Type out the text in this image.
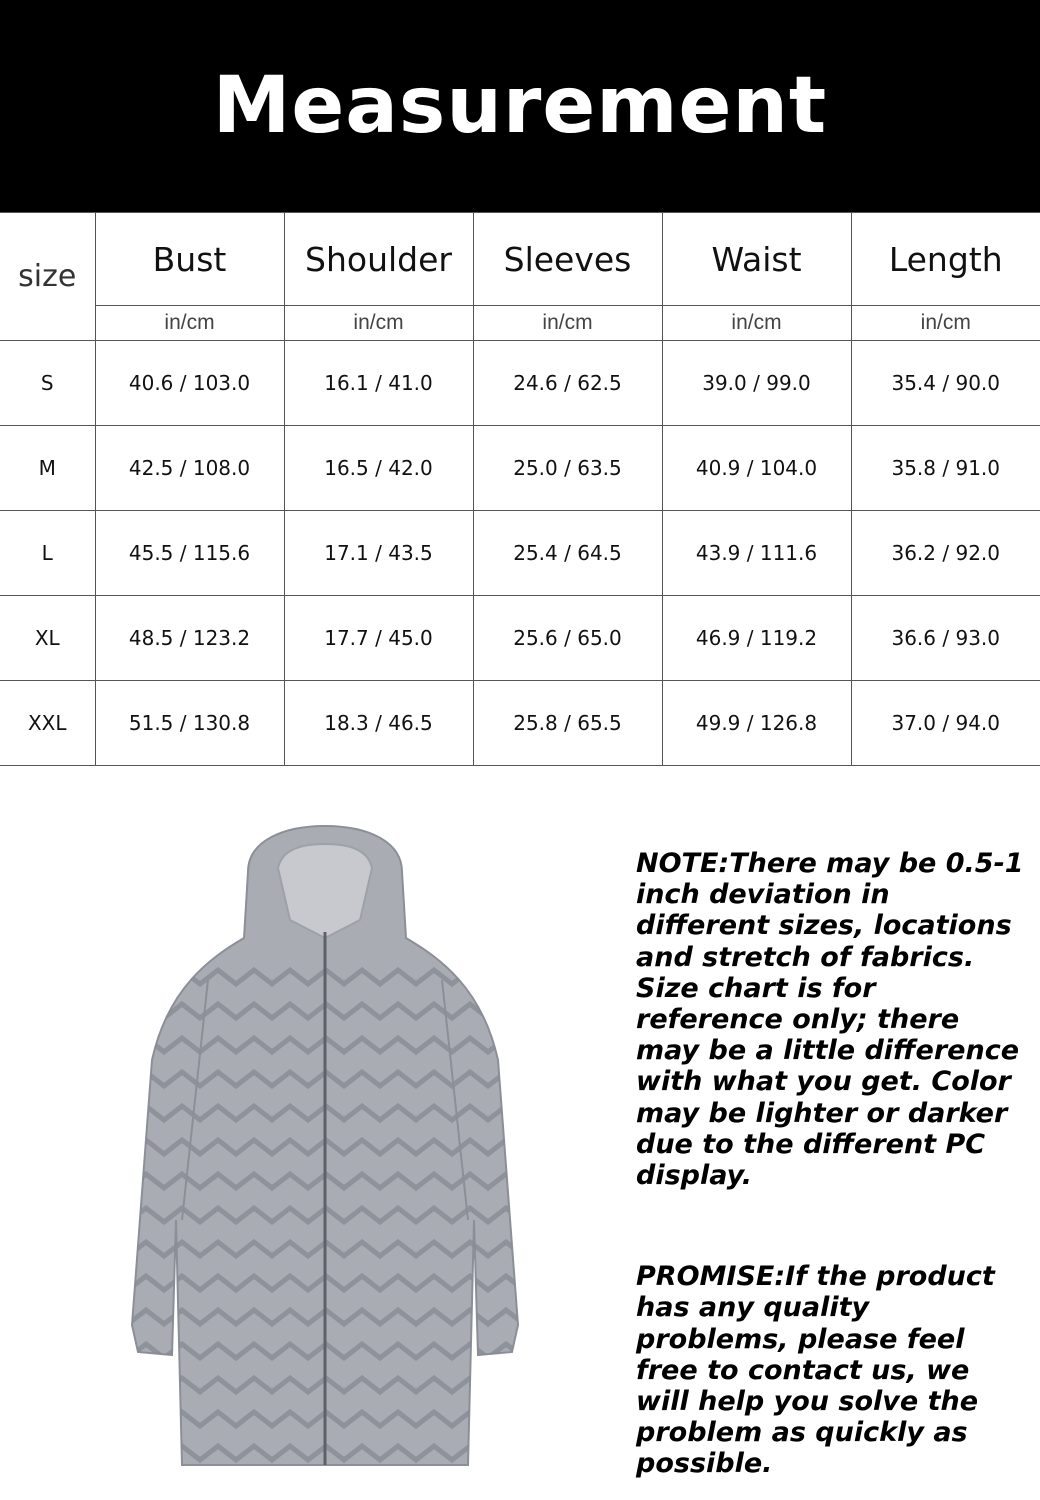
Measurement
size	Bust	Shoulder	Sleeves	Waist	Length
	in/cm	in/cm	in/cm	in/cm	in/cm
S	40.6 / 103.0	16.1 / 41.0	24.6 / 62.5	39.0 / 99.0	35.4 / 90.0
M	42.5 / 108.0	16.5 / 42.0	25.0 / 63.5	40.9 / 104.0	35.8 / 91.0
L	45.5 / 115.6	17.1 / 43.5	25.4 / 64.5	43.9 / 111.6	36.2 / 92.0
XL	48.5 / 123.2	17.7 / 45.0	25.6 / 65.0	46.9 / 119.2	36.6 / 93.0
XXL	51.5 / 130.8	18.3 / 46.5	25.8 / 65.5	49.9 / 126.8	37.0 / 94.0

NOTE:There may be 0.5-1 inch deviation in different sizes, locations and stretch of fabrics. Size chart is for reference only; there may be a little difference with what you get. Color may be lighter or darker due to the different PC display.

PROMISE:If the product has any quality problems, please feel free to contact us, we will help you solve the problem as quickly as possible.
